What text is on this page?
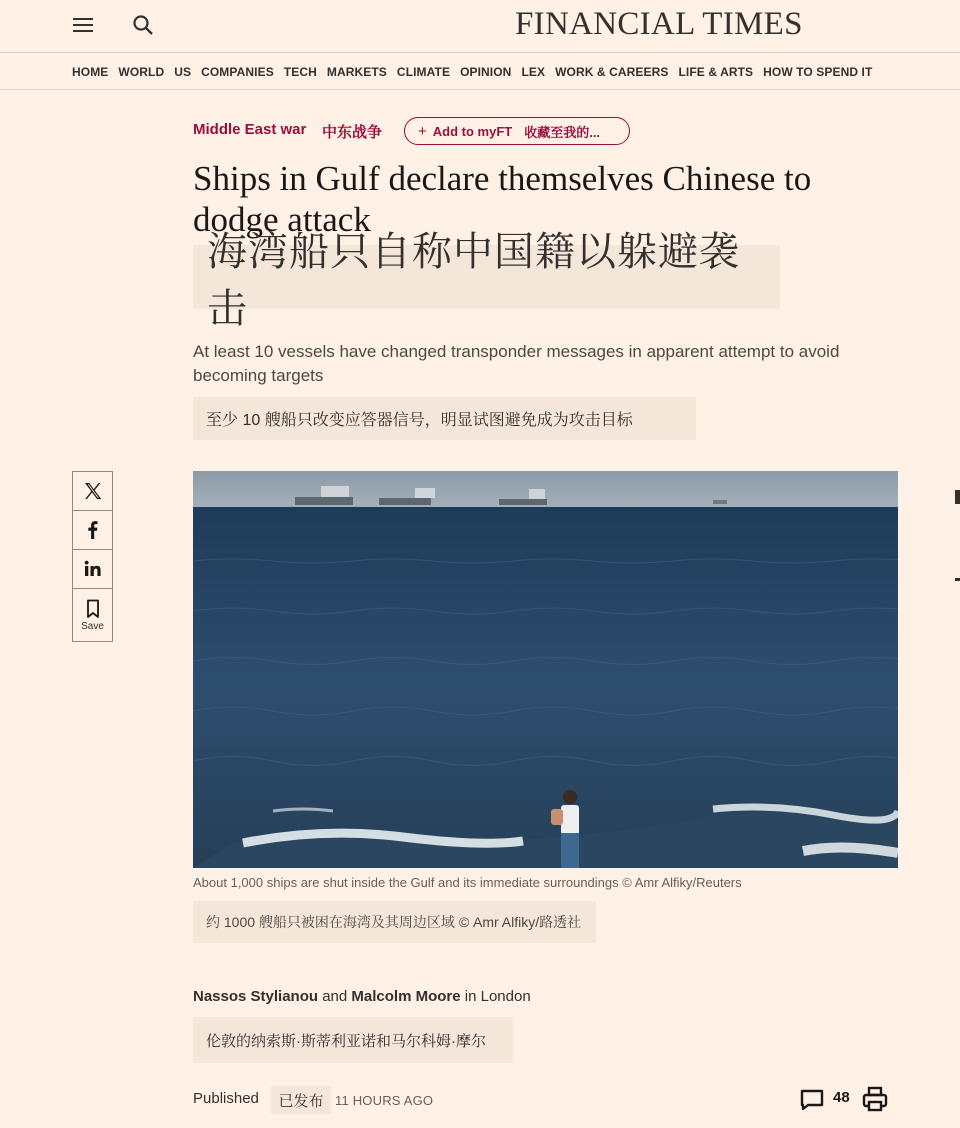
FINANCIAL TIMES
HOME WORLD US COMPANIES TECH MARKETS CLIMATE OPINION LEX WORK & CAREERS LIFE & ARTS HOW TO SPEND IT
Middle East war 中东战争 + Add to myFT 收藏至我的...
Ships in Gulf declare themselves Chinese to dodge attack
海湾船只自称中国籍以躲避袭击

At least 10 vessels have changed transponder messages in apparent attempt to avoid becoming targets

至少 10 艘船只改变应答器信号，明显试图避免成为攻击目标
Save
About 1,000 ships are shut inside the Gulf and its immediate surroundings © Amr Alfiky/Reuters
约 1000 艘船只被困在海湾及其周边区域 © Amr Alfiky/路透社
Nassos Stylianou and Malcolm Moore in London
伦敦的纳索斯·斯蒂利亚诺和马尔科姆·摩尔
Published	已发布 11 HOURS AGO	48
